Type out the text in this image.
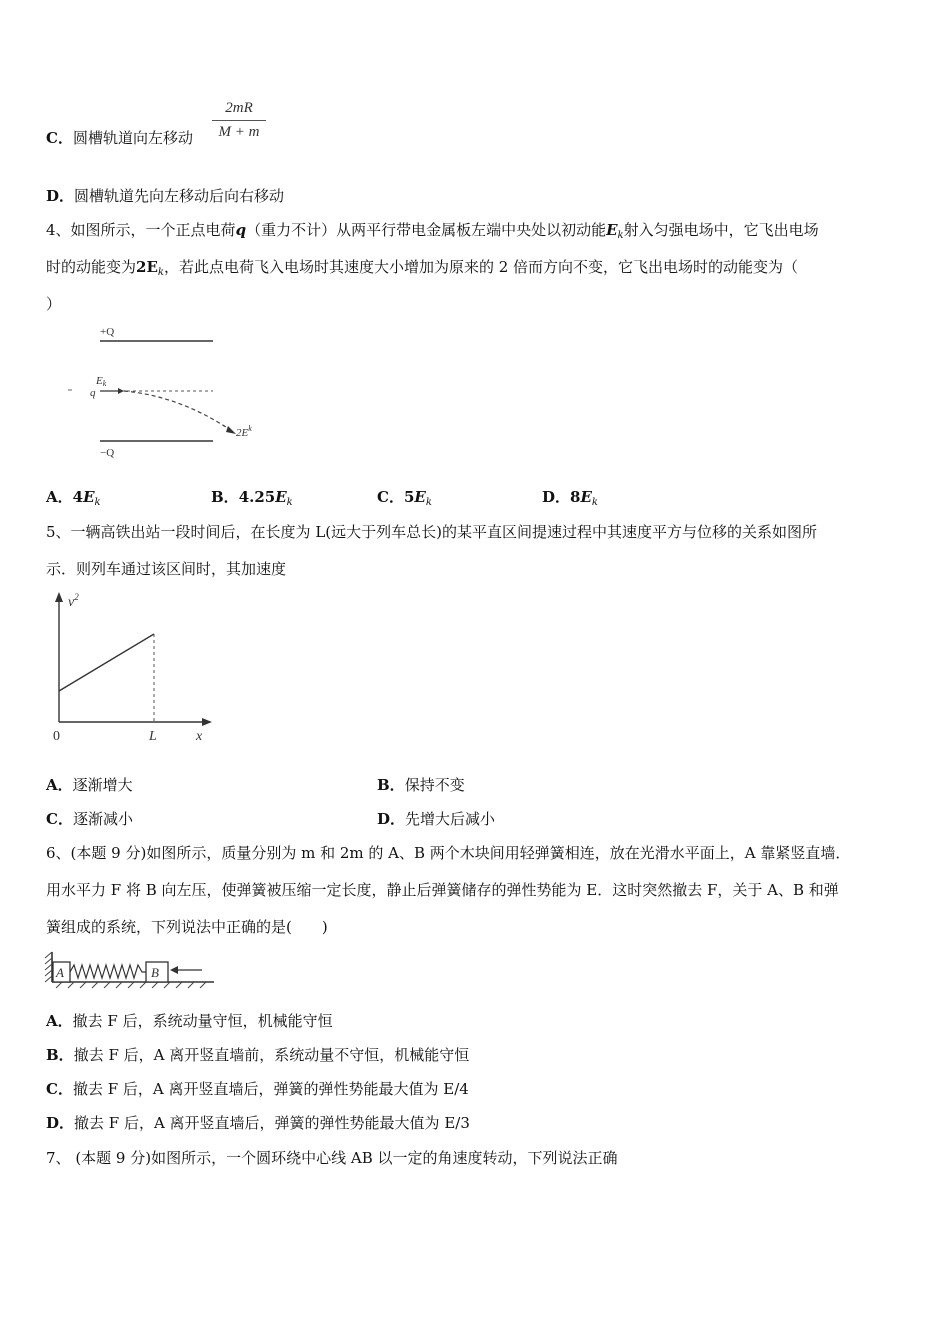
C．圆槽轨道向左移动 $\frac{2mR}{M + m}$
D．圆槽轨道先向左移动后向右移动
4、如图所示，一个正点电荷q（重力不计）从两平行带电金属板左端中央处以初动能$E_k$射入匀强电场中，它飞出电场
时的动能变为$2E_k$，若此点电荷飞入电场时其速度大小增加为原来的 2 倍而方向不变，它飞出电场时的动能变为（
）
+Q
−Q
Ek
q
$2E^k$
A．$4E_k$	B．$4.25E_k$	C．$5E_k$	D．$8E_k$
5、一辆高铁出站一段时间后，在长度为 L(远大于列车总长)的某平直区间提速过程中其速度平方与位移的关系如图所
示．则列车通过该区间时，其加速度
$v^2$
0	L	x
A．逐渐增大	B．保持不变
C．逐渐减小	D．先增大后减小
6、(本题 9 分)如图所示，质量分别为 m 和 2m 的 A、B 两个木块间用轻弹簧相连，放在光滑水平面上，A 靠紧竖直墙．
用水平力 F 将 B 向左压，使弹簧被压缩一定长度，静止后弹簧储存的弹性势能为 E．这时突然撤去 F，关于 A、B 和弹
簧组成的系统，下列说法中正确的是(　　)
A	B
A．撤去 F 后，系统动量守恒，机械能守恒
B．撤去 F 后，A 离开竖直墙前，系统动量不守恒，机械能守恒
C．撤去 F 后，A 离开竖直墙后，弹簧的弹性势能最大值为 E/4
D．撤去 F 后，A 离开竖直墙后，弹簧的弹性势能最大值为 E/3
7、 (本题 9 分)如图所示，一个圆环绕中心线 AB 以一定的角速度转动，下列说法正确
